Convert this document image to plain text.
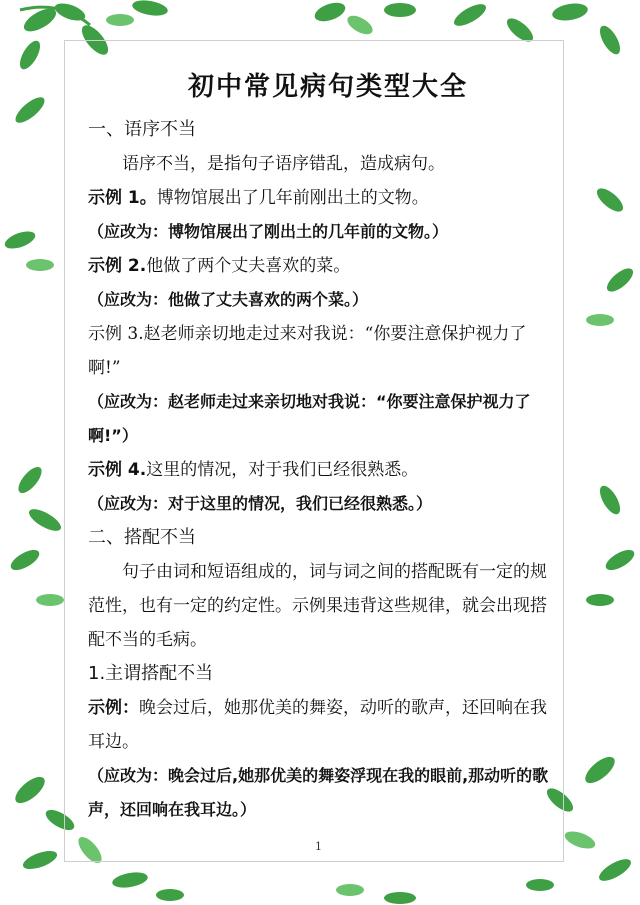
初中常见病句类型大全
一、语序不当
语序不当，是指句子语序错乱，造成病句。
示例 1。博物馆展出了几年前刚出土的文物。
（应改为：博物馆展出了刚出土的几年前的文物。）
示例 2.他做了两个丈夫喜欢的菜。
（应改为：他做了丈夫喜欢的两个菜。）
示例 3.赵老师亲切地走过来对我说：“你要注意保护视力了啊!”
（应改为：赵老师走过来亲切地对我说：“你要注意保护视力了啊!”）
示例 4.这里的情况，对于我们已经很熟悉。
（应改为：对于这里的情况，我们已经很熟悉。）
二、搭配不当
句子由词和短语组成的，词与词之间的搭配既有一定的规范性，也有一定的约定性。示例果违背这些规律，就会出现搭配不当的毛病。
1.主谓搭配不当
示例：晚会过后，她那优美的舞姿，动听的歌声，还回响在我耳边。
（应改为：晚会过后,她那优美的舞姿浮现在我的眼前,那动听的歌声，还回响在我耳边。）
1
